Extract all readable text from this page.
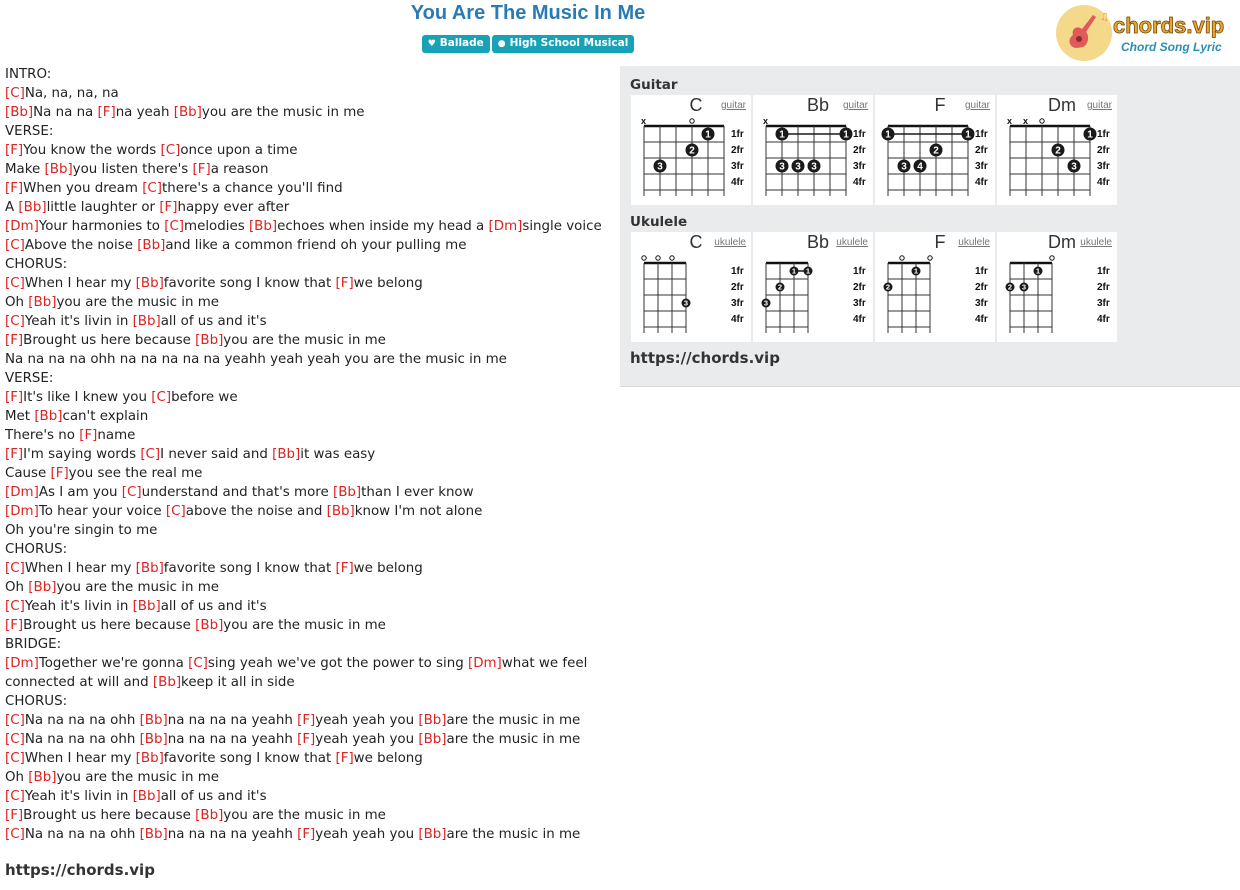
You Are The Music In Me
♥ Ballade ● High School Musical
♫ chords.vip
Chord Song Lyric
INTRO:
[C]Na, na, na, na
[Bb]Na na na [F]na yeah [Bb]you are the music in me
VERSE:
[F]You know the words [C]once upon a time
Make [Bb]you listen there's [F]a reason
[F]When you dream [C]there's a chance you'll find
A [Bb]little laughter or [F]happy ever after
[Dm]Your harmonies to [C]melodies [Bb]echoes when inside my head a [Dm]single voice
[C]Above the noise [Bb]and like a common friend oh your pulling me
CHORUS:
[C]When I hear my [Bb]favorite song I know that [F]we belong
Oh [Bb]you are the music in me
[C]Yeah it's livin in [Bb]all of us and it's
[F]Brought us here because [Bb]you are the music in me
Na na na na ohh na na na na na yeahh yeah yeah you are the music in me
VERSE:
[F]It's like I knew you [C]before we
Met [Bb]can't explain
There's no [F]name
[F]I'm saying words [C]I never said and [Bb]it was easy
Cause [F]you see the real me
[Dm]As I am you [C]understand and that's more [Bb]than I ever know
[Dm]To hear your voice [C]above the noise and [Bb]know I'm not alone
Oh you're singin to me
CHORUS:
[C]When I hear my [Bb]favorite song I know that [F]we belong
Oh [Bb]you are the music in me
[C]Yeah it's livin in [Bb]all of us and it's
[F]Brought us here because [Bb]you are the music in me
BRIDGE:
[Dm]Together we're gonna [C]sing yeah we've got the power to sing [Dm]what we feel
connected at will and [Bb]keep it all in side
CHORUS:
[C]Na na na na ohh [Bb]na na na na yeahh [F]yeah yeah you [Bb]are the music in me
[C]Na na na na ohh [Bb]na na na na yeahh [F]yeah yeah you [Bb]are the music in me
[C]When I hear my [Bb]favorite song I know that [F]we belong
Oh [Bb]you are the music in me
[C]Yeah it's livin in [Bb]all of us and it's
[F]Brought us here because [Bb]you are the music in me
[C]Na na na na ohh [Bb]na na na na yeahh [F]yeah yeah you [Bb]are the music in me
https://chords.vip
Guitar
C	guitar
1fr
2fr
3fr
4fr
x
1
2
3
Bb	guitar
1fr
2fr
3fr
4fr
x
1	1
3 3 3
F	guitar
1fr
2fr
3fr
4fr
1	1
2
3 4
Dm	guitar
1fr
2fr
3fr
4fr
x x
1
2
3
Ukulele
C	ukulele
1fr
2fr
3fr
4fr
3
Bb ukulele
1fr
2fr
3fr
4fr
1 1
2
3
F	ukulele
1fr
2fr
3fr
4fr
2
1
Dm ukulele
1fr
2fr
3fr
4fr
2 3
1
https://chords.vip
